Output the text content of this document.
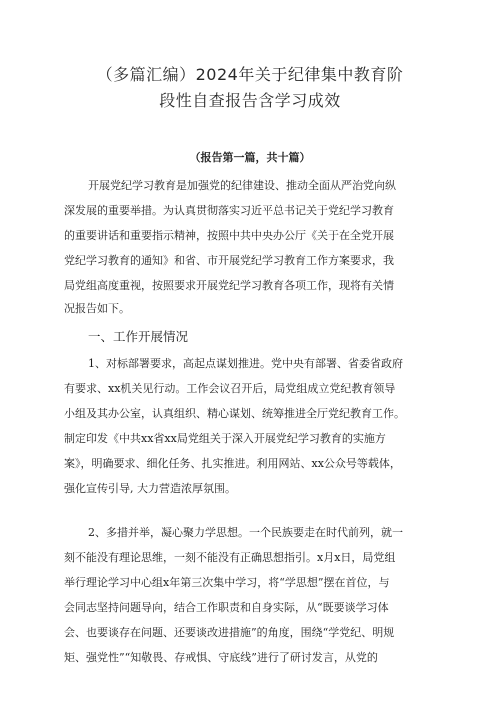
（多篇汇编）2024年关于纪律集中教育阶
段性自查报告含学习成效
（报告第一篇，共十篇）
开展党纪学习教育是加强党的纪律建设、推动全面从严治党向纵
深发展的重要举措。为认真贯彻落实习近平总书记关于党纪学习教育
的重要讲话和重要指示精神，按照中共中央办公厅《关于在全党开展
党纪学习教育的通知》和省、市开展党纪学习教育工作方案要求，我
局党组高度重视，按照要求开展党纪学习教育各项工作，现将有关情
况报告如下。
一、工作开展情况
1、对标部署要求，高起点谋划推进。党中央有部署、省委省政府
有要求、xx机关见行动。工作会议召开后，局党组成立党纪教育领导
小组及其办公室，认真组织、精心谋划、统筹推进全厅党纪教育工作。
制定印发《中共xx省xx局党组关于深入开展党纪学习教育的实施方
案》，明确要求、细化任务、扎实推进。利用网站、xx公众号等载体，
强化宣传引导, 大力营造浓厚氛围。
2、多措并举，凝心聚力学思想。一个民族要走在时代前列，就一
刻不能没有理论思维，一刻不能没有正确思想指引。x月x日，局党组
举行理论学习中心组x年第三次集中学习，将“学思想”摆在首位，与
会同志坚持问题导向，结合工作职责和自身实际，从“既要谈学习体
会、也要谈存在问题、还要谈改进措施”的角度，围绕“学党纪、明规
矩、强党性”“知敬畏、存戒惧、守底线”进行了研讨发言，从党的
